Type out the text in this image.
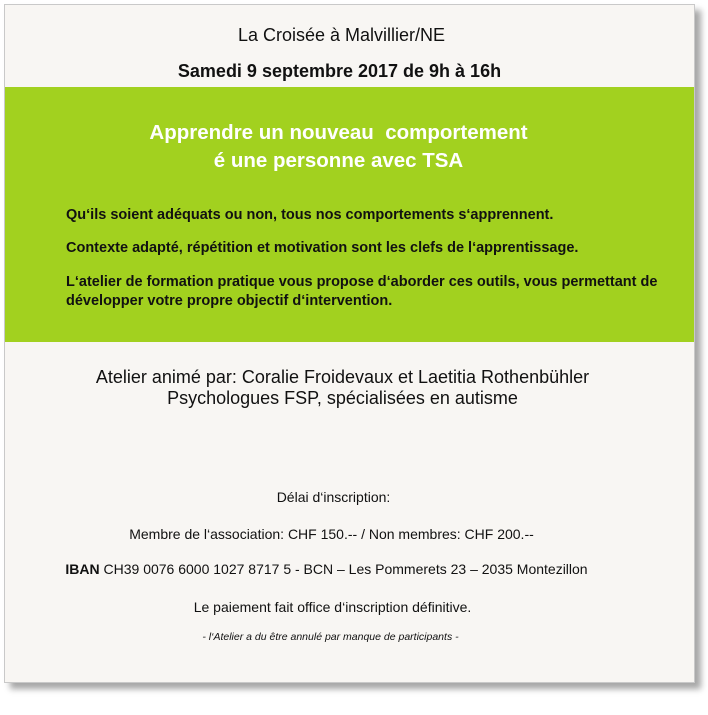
La Croisée à Malvillier/NE
Samedi 9 septembre 2017 de 9h à 16h
Apprendre un nouveau  comportement
é une personne avec TSA
Qu‘ils soient adéquats ou non, tous nos comportements s‘apprennent.
Contexte adapté, répétition et motivation sont les clefs de l‘apprentissage.
L‘atelier de formation pratique vous propose d‘aborder ces outils, vous permettant de développer votre propre objectif d‘intervention.
Atelier animé par: Coralie Froidevaux et Laetitia Rothenbühler
Psychologues FSP, spécialisées en autisme
Délai d‘inscription:
Membre de l‘association: CHF 150.-- / Non membres: CHF 200.--
IBAN CH39 0076 6000 1027 8717 5 - BCN – Les Pommerets 23 – 2035 Montezillon
Le paiement fait office d‘inscription définitive.
- l‘Atelier a du être annulé par manque de participants -
